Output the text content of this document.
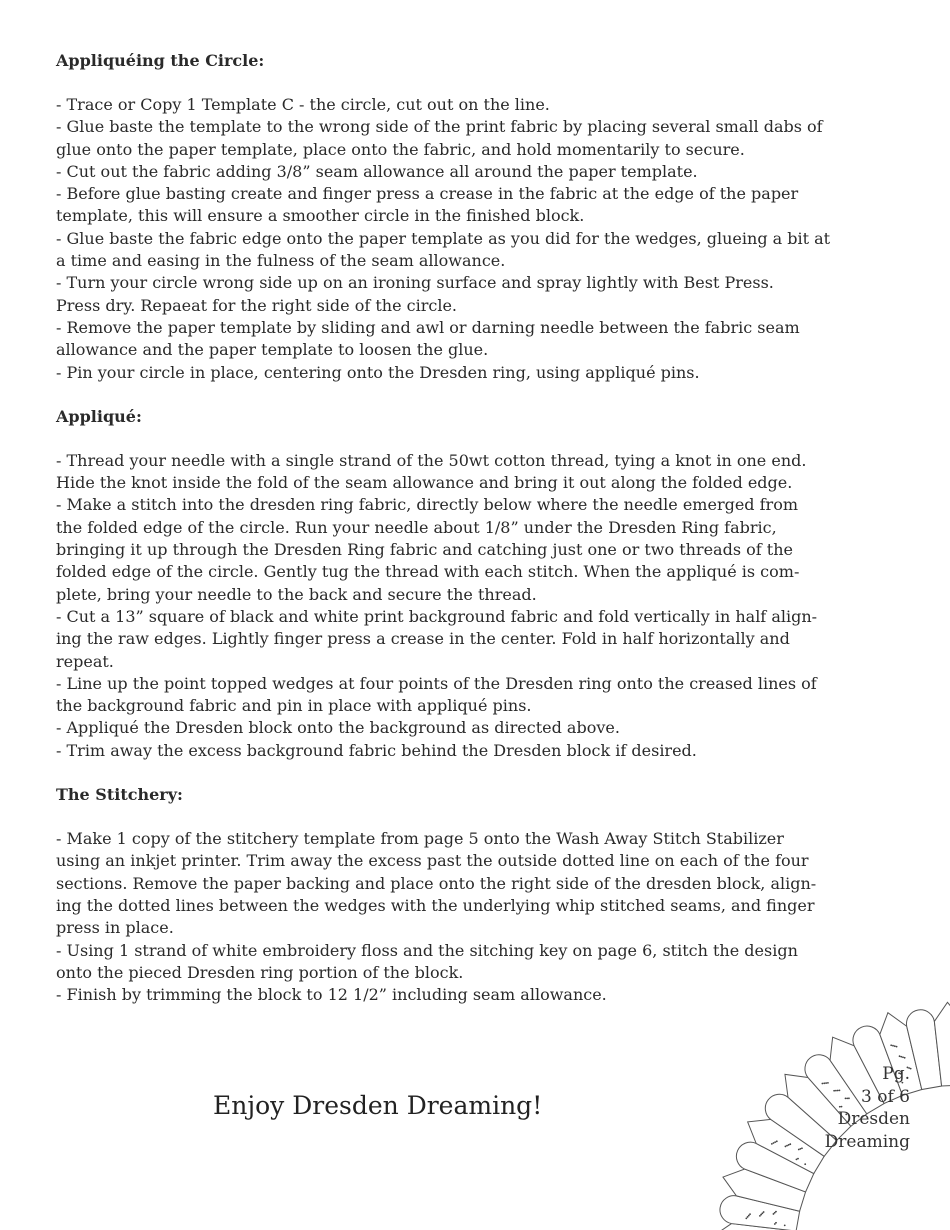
Appliquéing the Circle:

- Trace or Copy 1 Template C - the circle, cut out on the line.

- Glue baste the template to the wrong side of the print fabric by placing several small dabs of

glue onto the paper template, place onto the fabric, and hold momentarily to secure.

- Cut out the fabric adding 3/8” seam allowance all around the paper template.

- Before glue basting create and finger press a crease in the fabric at the edge of the paper

template, this will ensure a smoother circle in the finished block.

- Glue baste the fabric edge onto the paper template as you did for the wedges, glueing a bit at

a time and easing in the fulness of the seam allowance.

- Turn your circle wrong side up on an ironing surface and spray lightly with Best Press.

Press dry. Repaeat for the right side of the circle.

- Remove the paper template by sliding and awl or darning needle between the fabric seam

allowance and the paper template to loosen the glue.

- Pin your circle in place, centering onto the Dresden ring, using appliqué pins.

Appliqué:

- Thread your needle with a single strand of the 50wt cotton thread, tying a knot in one end.

Hide the knot inside the fold of the seam allowance and bring it out along the folded edge.

- Make a stitch into the dresden ring fabric, directly below where the needle emerged from

the folded edge of the circle. Run your needle about 1/8” under the Dresden Ring fabric,

bringing it up through the Dresden Ring fabric and catching just one or two threads of the

folded edge of the circle. Gently tug the thread with each stitch. When the appliqué is com-

plete, bring your needle to the back and secure the thread.

- Cut a 13” square of black and white print background fabric and fold vertically in half align-

ing the raw edges. Lightly finger press a crease in the center. Fold in half horizontally and

repeat.

- Line up the point topped wedges at four points of the Dresden ring onto the creased lines of

the background fabric and pin in place with appliqué pins.

- Appliqué the Dresden block onto the background as directed above.

- Trim away the excess background fabric behind the Dresden block if desired.

The Stitchery:

- Make 1 copy of the stitchery template from page 5 onto the Wash Away Stitch Stabilizer

using an inkjet printer. Trim away the excess past the outside dotted line on each of the four

sections. Remove the paper backing and place onto the right side of the dresden block, align-

ing the dotted lines between the wedges with the underlying whip stitched seams, and finger

press in place.

- Using 1 strand of white embroidery floss and the sitching key on page 6, stitch the design

onto the pieced Dresden ring portion of the block.

- Finish by trimming the block to 12 1/2” including seam allowance.

Enjoy Dresden Dreaming!
Pg.
3 of 6
Dresden
Dreaming
